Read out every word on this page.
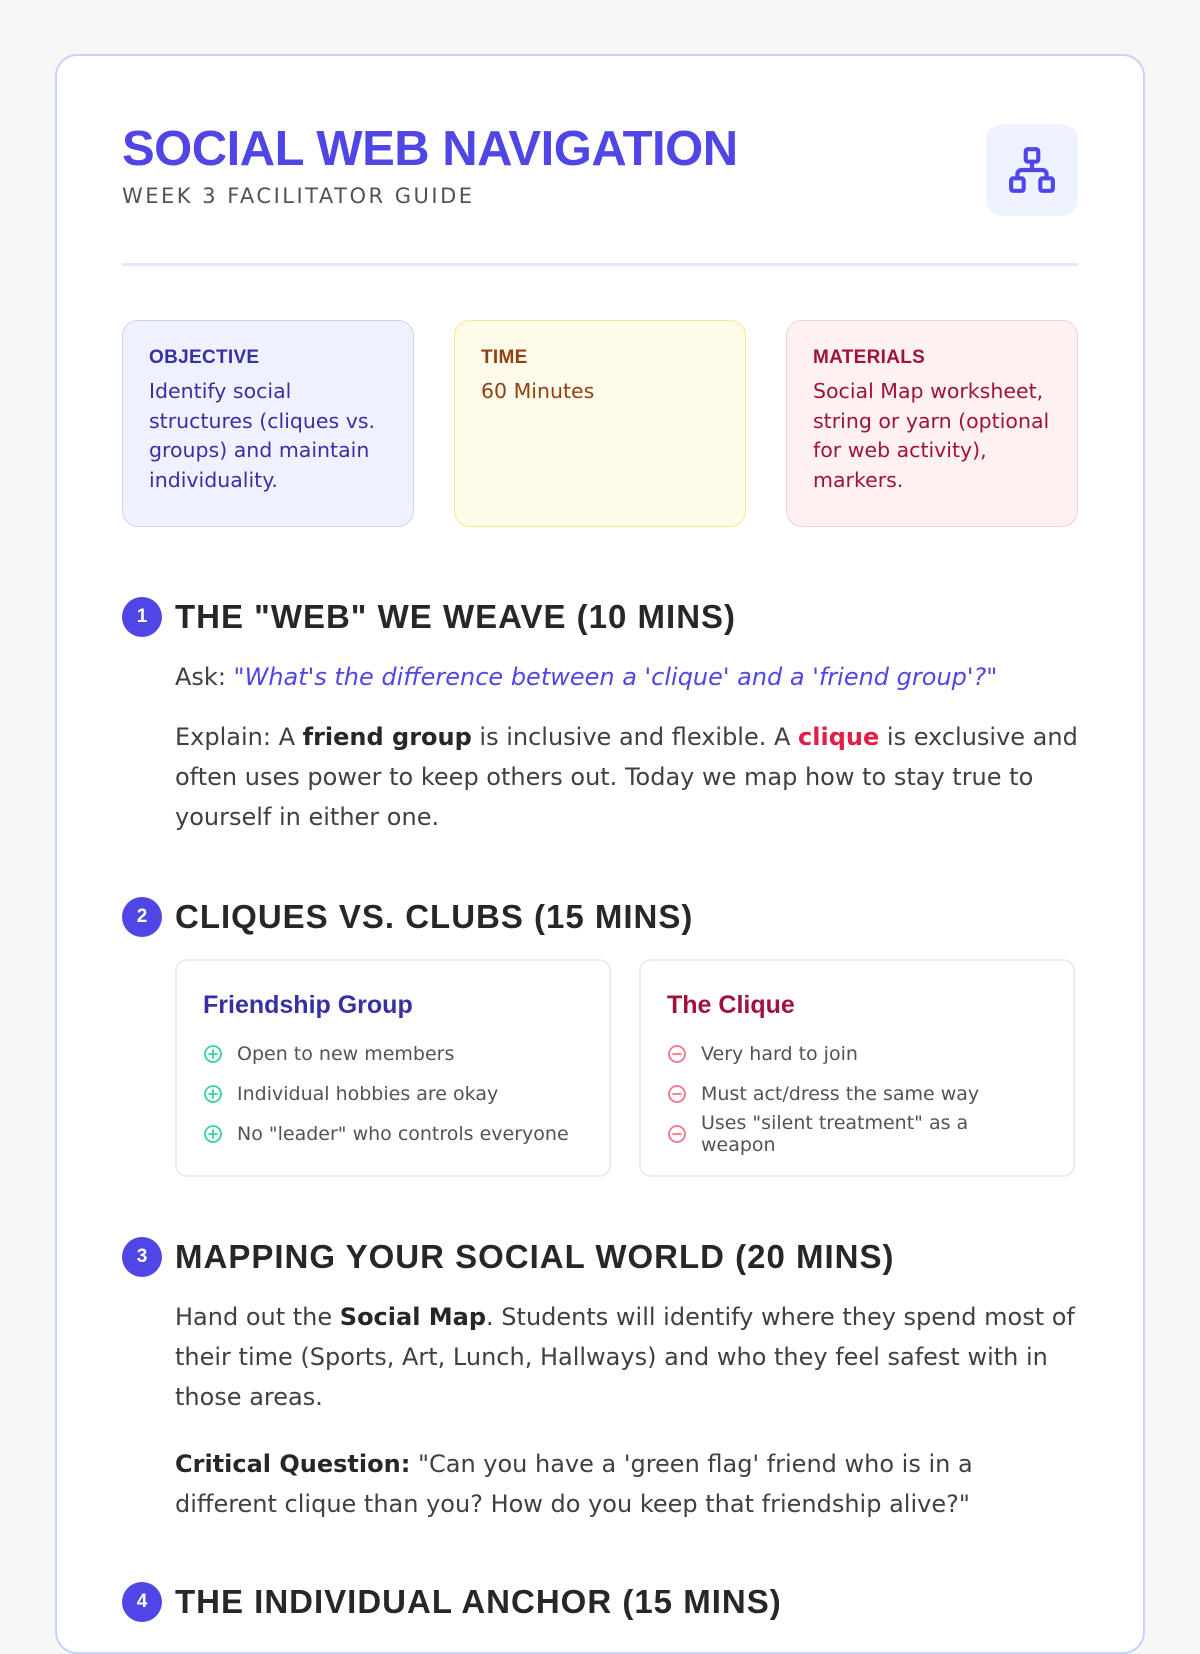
SOCIAL WEB NAVIGATION
WEEK 3 FACILITATOR GUIDE
OBJECTIVE
Identify social structures (cliques vs. groups) and maintain individuality.
TIME
60 Minutes
MATERIALS
Social Map worksheet, string or yarn (optional for web activity), markers.
1 THE "WEB" WE WEAVE (10 MINS)

Ask: "What's the difference between a 'clique' and a 'friend group'?"

Explain: A friend group is inclusive and flexible. A clique is exclusive and often uses power to keep others out. Today we map how to stay true to yourself in either one.

2 CLIQUES VS. CLUBS (15 MINS)
Friendship Group
Open to new members
Individual hobbies are okay
No "leader" who controls everyone
The Clique
Very hard to join
Must act/dress the same way
Uses "silent treatment" as a weapon
3 MAPPING YOUR SOCIAL WORLD (20 MINS)

Hand out the Social Map. Students will identify where they spend most of their time (Sports, Art, Lunch, Hallways) and who they feel safest with in those areas.

Critical Question: "Can you have a 'green flag' friend who is in a different clique than you? How do you keep that friendship alive?"

4 THE INDIVIDUAL ANCHOR (15 MINS)
